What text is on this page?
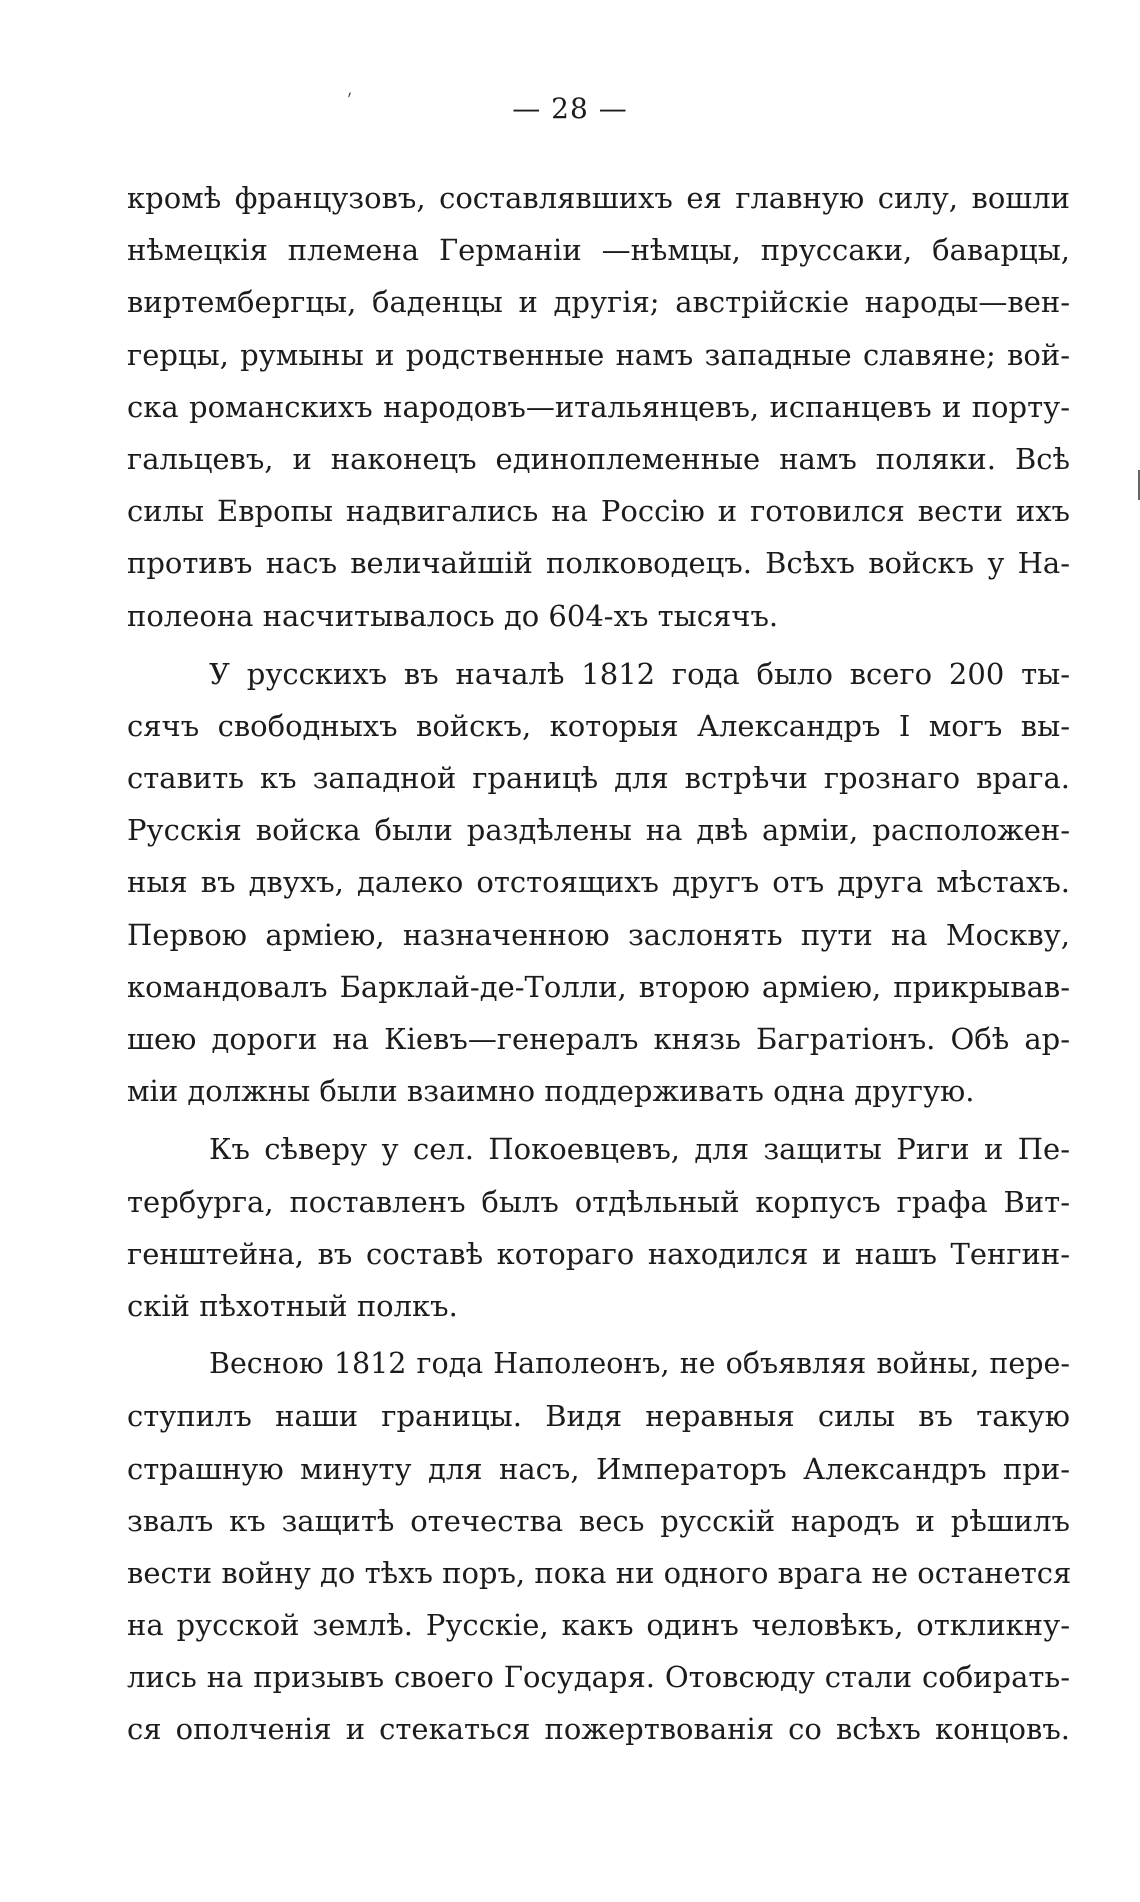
ˊ	— 28 —
кромѣ французовъ, составлявшихъ ея главную силу, вошли
нѣмецкія племена Германіи —нѣмцы, пруссаки, баварцы,
виртембергцы, баденцы и другія; австрійскіе народы—вен-
герцы, румыны и родственные намъ западные славяне; вой-
ска романскихъ народовъ—итальянцевъ, испанцевъ и порту-
гальцевъ, и наконецъ единоплеменные намъ поляки. Всѣ
силы Европы надвигались на Россію и готовился вести ихъ
противъ насъ величайшій полководецъ. Всѣхъ войскъ у На-
полеона насчитывалось до 604-хъ тысячъ.
У русскихъ въ началѣ 1812 года было всего 200 ты-
сячъ свободныхъ войскъ, которыя Александръ I могъ вы-
ставить къ западной границѣ для встрѣчи грознаго врага.
Русскія войска были раздѣлены на двѣ арміи, расположен-
ныя въ двухъ, далеко отстоящихъ другъ отъ друга мѣстахъ.
Первою арміею, назначенною заслонять пути на Москву,
командовалъ Барклай-де-Толли, второю арміею, прикрывав-
шею дороги на Кіевъ—генералъ князь Багратіонъ. Обѣ ар-
міи должны были взаимно поддерживать одна другую.
Къ сѣверу у сел. Покоевцевъ, для защиты Риги и Пе-
тербурга, поставленъ былъ отдѣльный корпусъ графа Вит-
генштейна, въ составѣ котораго находился и нашъ Тенгин-
скій пѣхотный полкъ.
Весною 1812 года Наполеонъ, не объявляя войны, пере-
ступилъ наши границы. Видя неравныя силы въ такую
страшную минуту для насъ, Императоръ Александръ при-
звалъ къ защитѣ отечества весь русскій народъ и рѣшилъ
вести войну до тѣхъ поръ, пока ни одного врага не останется
на русской землѣ. Русскіе, какъ одинъ человѣкъ, откликну-
лись на призывъ своего Государя. Отовсюду стали собирать-
ся ополченія и стекаться пожертвованія со всѣхъ концовъ.
